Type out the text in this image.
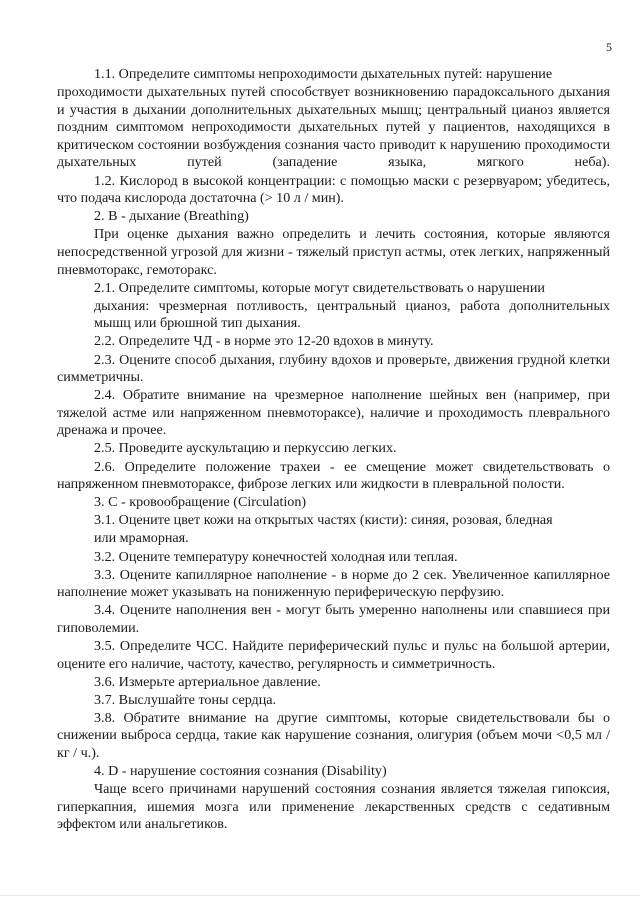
5

1.1. Определите симптомы непроходимости дыхательных путей: нарушение

проходимости дыхательных путей способствует возникновению парадоксального дыхания и участия в дыхании дополнительных дыхательных мышц; центральный цианоз является поздним симптомом непроходимости дыхательных путей у пациентов, находящихся в критическом состоянии возбуждения сознания часто приводит к нарушению проходимости дыхательных путей (западение языка, мягкого неба).

1.2. Кислород в высокой концентрации: с помощью маски с резервуаром; убедитесь, что подача кислорода достаточна (> 10 л / мин).

2. B - дыхание (Breathing)

При оценке дыхания важно определить и лечить состояния, которые являются непосредственной угрозой для жизни - тяжелый приступ астмы, отек легких, напряженный пневмоторакс, гемоторакс.

2.1. Определите симптомы, которые могут свидетельствовать о нарушении

дыхания: чрезмерная потливость, центральный цианоз, работа дополнительных мышц или брюшной тип дыхания.

2.2. Определите ЧД - в норме это 12-20 вдохов в минуту.

2.3. Оцените способ дыхания, глубину вдохов и проверьте, движения грудной клетки симметричны.

2.4. Обратите внимание на чрезмерное наполнение шейных вен (например, при тяжелой астме или напряженном пневмотораксе), наличие и проходимость плеврального дренажа и прочее.

2.5. Проведите аускультацию и перкуссию легких.

2.6. Определите положение трахеи - ее смещение может свидетельствовать о напряженном пневмотораксе, фиброзе легких или жидкости в плевральной полости.

3. C - кровообращение (Circulation)

3.1. Оцените цвет кожи на открытых частях (кисти): синяя, розовая, бледная

или мраморная.

3.2. Оцените температуру конечностей холодная или теплая.

3.3. Оцените капиллярное наполнение - в норме до 2 сек. Увеличенное капиллярное наполнение может указывать на пониженную периферическую перфузию.

3.4. Оцените наполнения вен - могут быть умеренно наполнены или спавшиеся при гиповолемии.

3.5. Определите ЧСС. Найдите периферический пульс и пульс на большой артерии, оцените его наличие, частоту, качество, регулярность и симметричность.

3.6. Измерьте артериальное давление.

3.7. Выслушайте тоны сердца.

3.8. Обратите внимание на другие симптомы, которые свидетельствовали бы о снижении выброса сердца, такие как нарушение сознания, олигурия (объем мочи <0,5 мл / кг / ч.).

4. D - нарушение состояния сознания (Disability)

Чаще всего причинами нарушений состояния сознания является тяжелая гипоксия, гиперкапния, ишемия мозга или применение лекарственных средств с седативным эффектом или анальгетиков.
